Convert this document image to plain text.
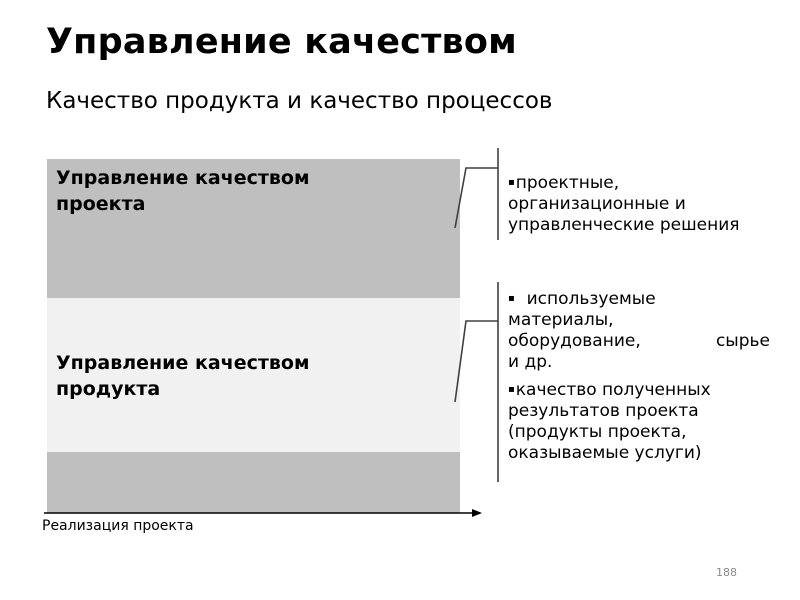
Управление качеством
Качество продукта и качество процессов
Управление качеством проекта
Управление качеством продукта

▪проектные, организационные и управленческие решения

▪ используемые
материалы,
оборудование,	сырье
и др.

▪качество полученных результатов проекта (продукты проекта, оказываемые услуги)

Реализация проекта
188
